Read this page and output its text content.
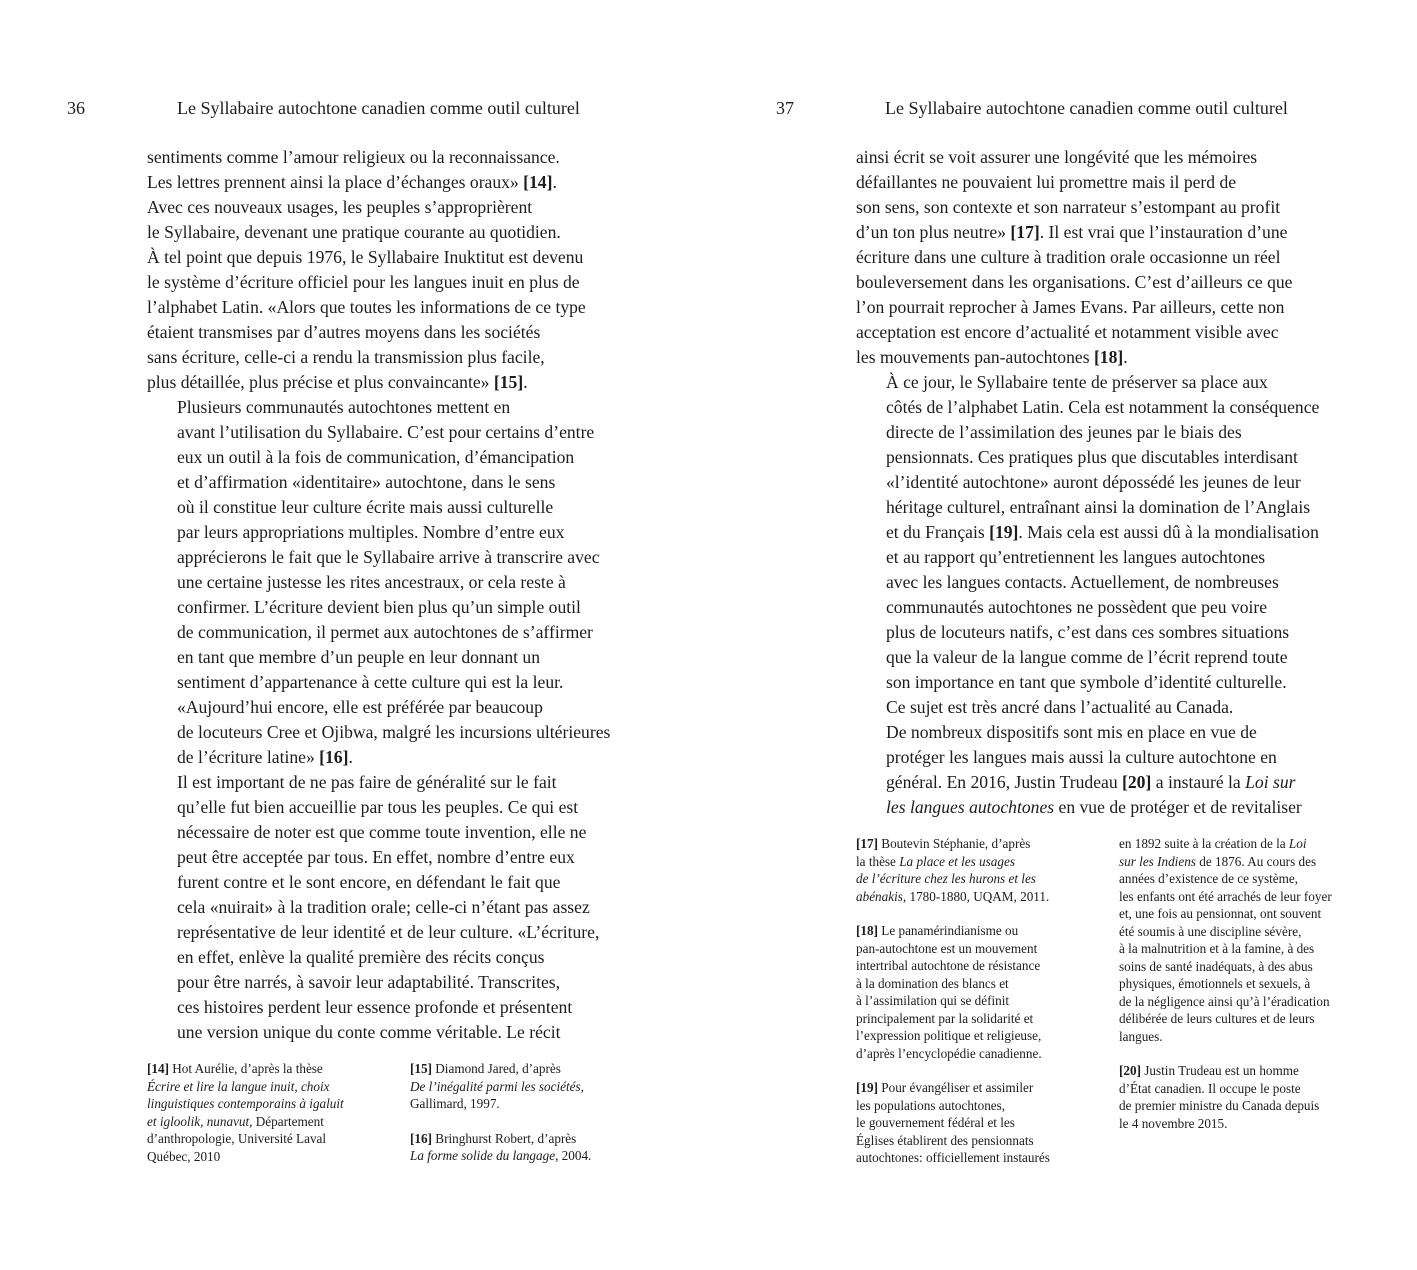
36	Le Syllabaire autochtone canadien comme outil culturel

sentiments comme l’amour religieux ou la reconnaissance.
Les lettres prennent ainsi la place d’échanges oraux» [14].
Avec ces nouveaux usages, les peuples s’approprièrent
le Syllabaire, devenant une pratique courante au quotidien.
À tel point que depuis 1976, le Syllabaire Inuktitut est devenu
le système d’écriture officiel pour les langues inuit en plus de
l’alphabet Latin. «Alors que toutes les informations de ce type
étaient transmises par d’autres moyens dans les sociétés
sans écriture, celle-ci a rendu la transmission plus facile,
plus détaillée, plus précise et plus convaincante» [15].

Plusieurs communautés autochtones mettent en
avant l’utilisation du Syllabaire. C’est pour certains d’entre
eux un outil à la fois de communication, d’émancipation
et d’affirmation «identitaire» autochtone, dans le sens
où il constitue leur culture écrite mais aussi culturelle
par leurs appropriations multiples. Nombre d’entre eux
apprécierons le fait que le Syllabaire arrive à transcrire avec
une certaine justesse les rites ancestraux, or cela reste à
confirmer. L’écriture devient bien plus qu’un simple outil
de communication, il permet aux autochtones de s’affirmer
en tant que membre d’un peuple en leur donnant un
sentiment d’appartenance à cette culture qui est la leur.
«Aujourd’hui encore, elle est préférée par beaucoup
de locuteurs Cree et Ojibwa, malgré les incursions ultérieures
de l’écriture latine» [16].

Il est important de ne pas faire de généralité sur le fait
qu’elle fut bien accueillie par tous les peuples. Ce qui est
nécessaire de noter est que comme toute invention, elle ne
peut être acceptée par tous. En effet, nombre d’entre eux
furent contre et le sont encore, en défendant le fait que
cela «nuirait» à la tradition orale; celle-ci n’étant pas assez
représentative de leur identité et de leur culture. «L’écriture,
en effet, enlève la qualité première des récits conçus
pour être narrés, à savoir leur adaptabilité. Transcrites,
ces histoires perdent leur essence profonde et présentent
une version unique du conte comme véritable. Le récit

[14] Hot Aurélie, d’après la thèse
Écrire et lire la langue inuit, choix
linguistiques contemporains à igaluit
et igloolik, nunavut, Département
d’anthropologie, Université Laval
Québec, 2010
[15] Diamond Jared, d’après
De l’inégalité parmi les sociétés,
Gallimard, 1997.
[16] Bringhurst Robert, d’après
La forme solide du langage, 2004.
37	Le Syllabaire autochtone canadien comme outil culturel

ainsi écrit se voit assurer une longévité que les mémoires
défaillantes ne pouvaient lui promettre mais il perd de
son sens, son contexte et son narrateur s’estompant au profit
d’un ton plus neutre» [17]. Il est vrai que l’instauration d’une
écriture dans une culture à tradition orale occasionne un réel
bouleversement dans les organisations. C’est d’ailleurs ce que
l’on pourrait reprocher à James Evans. Par ailleurs, cette non
acceptation est encore d’actualité et notamment visible avec
les mouvements pan-autochtones [18].

À ce jour, le Syllabaire tente de préserver sa place aux
côtés de l’alphabet Latin. Cela est notamment la conséquence
directe de l’assimilation des jeunes par le biais des
pensionnats. Ces pratiques plus que discutables interdisant
«l’identité autochtone» auront dépossédé les jeunes de leur
héritage culturel, entraînant ainsi la domination de l’Anglais
et du Français [19]. Mais cela est aussi dû à la mondialisation
et au rapport qu’entretiennent les langues autochtones
avec les langues contacts. Actuellement, de nombreuses
communautés autochtones ne possèdent que peu voire
plus de locuteurs natifs, c’est dans ces sombres situations
que la valeur de la langue comme de l’écrit reprend toute
son importance en tant que symbole d’identité culturelle.

Ce sujet est très ancré dans l’actualité au Canada.
De nombreux dispositifs sont mis en place en vue de
protéger les langues mais aussi la culture autochtone en
général. En 2016, Justin Trudeau [20] a instauré la Loi sur
les langues autochtones en vue de protéger et de revitaliser

[17] Boutevin Stéphanie, d’après
la thèse La place et les usages
de l’écriture chez les hurons et les
abénakis, 1780-1880, UQAM, 2011.
[18] Le panamérindianisme ou
pan-autochtone est un mouvement
intertribal autochtone de résistance
à la domination des blancs et
à l’assimilation qui se définit
principalement par la solidarité et
l’expression politique et religieuse,
d’après l’encyclopédie canadienne.
[19] Pour évangéliser et assimiler
les populations autochtones,
le gouvernement fédéral et les
Églises établirent des pensionnats
autochtones: officiellement instaurés
en 1892 suite à la création de la Loi
sur les Indiens de 1876. Au cours des
années d’existence de ce système,
les enfants ont été arrachés de leur foyer
et, une fois au pensionnat, ont souvent
été soumis à une discipline sévère,
à la malnutrition et à la famine, à des
soins de santé inadéquats, à des abus
physiques, émotionnels et sexuels, à
de la négligence ainsi qu’à l’éradication
délibérée de leurs cultures et de leurs
langues.
[20] Justin Trudeau est un homme
d’État canadien. Il occupe le poste
de premier ministre du Canada depuis
le 4 novembre 2015.
